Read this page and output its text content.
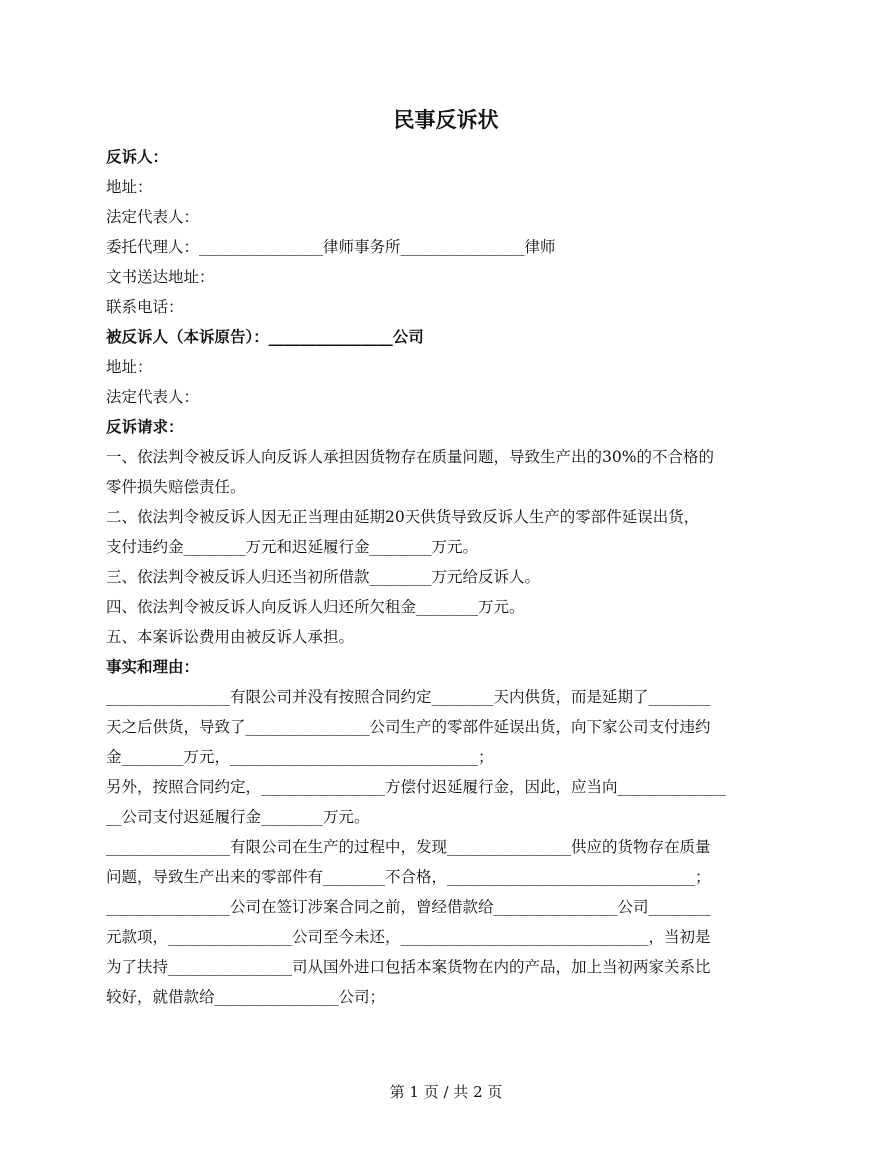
民事反诉状
反诉人：
地址：
法定代表人：
委托代理人：________________律师事务所________________律师
文书送达地址：
联系电话：
被反诉人（本诉原告）：________________公司
地址：
法定代表人：
反诉请求：
一、依法判令被反诉人向反诉人承担因货物存在质量问题，导致生产出的30%的不合格的
零件损失赔偿责任。
二、依法判令被反诉人因无正当理由延期20天供货导致反诉人生产的零部件延误出货，
支付违约金________万元和迟延履行金________万元。
三、依法判令被反诉人归还当初所借款________万元给反诉人。
四、依法判令被反诉人向反诉人归还所欠租金________万元。
五、本案诉讼费用由被反诉人承担。
事实和理由：
________________有限公司并没有按照合同约定________天内供货，而是延期了________
天之后供货，导致了________________公司生产的零部件延误出货，向下家公司支付违约
金________万元，________________________________；
另外，按照合同约定，________________方偿付迟延履行金，因此，应当向______________
__公司支付迟延履行金________万元。
________________有限公司在生产的过程中，发现________________供应的货物存在质量
问题，导致生产出来的零部件有________不合格，________________________________；
________________公司在签订涉案合同之前，曾经借款给________________公司________
元款项，________________公司至今未还，________________________________，当初是
为了扶持________________司从国外进口包括本案货物在内的产品，加上当初两家关系比
较好，就借款给________________公司；
第 1 页 / 共 2 页
